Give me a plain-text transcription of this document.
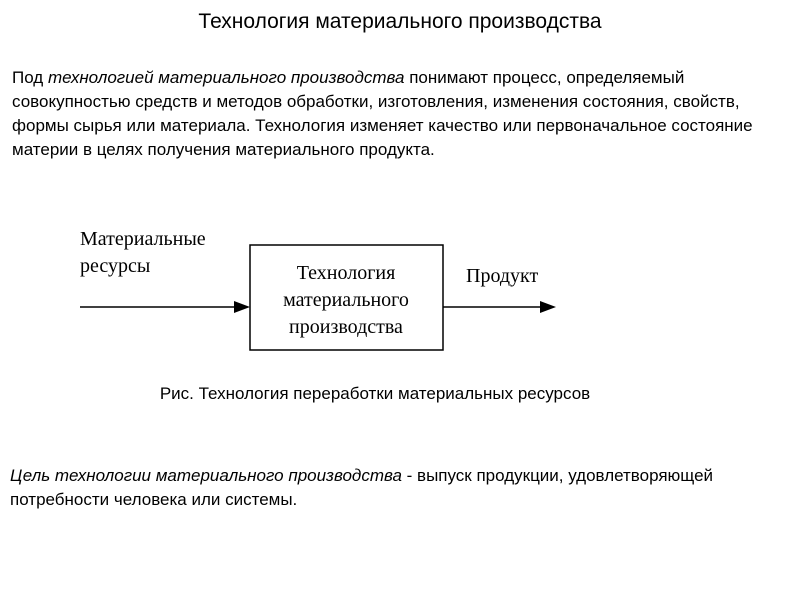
Технология материального производства
Под технологией материального производства понимают процесс, определяемый совокупностью средств и методов обработки, изготовления, изменения состояния, свойств, формы сырья или материала. Технология изменяет качество или первоначальное состояние материи в целях получения материального продукта.
Материальные
ресурсы	Технология
материального
производства
Продукт
Рис. Технология переработки материальных ресурсов
Цель технологии материального производства - выпуск продукции, удовлетворяющей потребности человека или системы.
